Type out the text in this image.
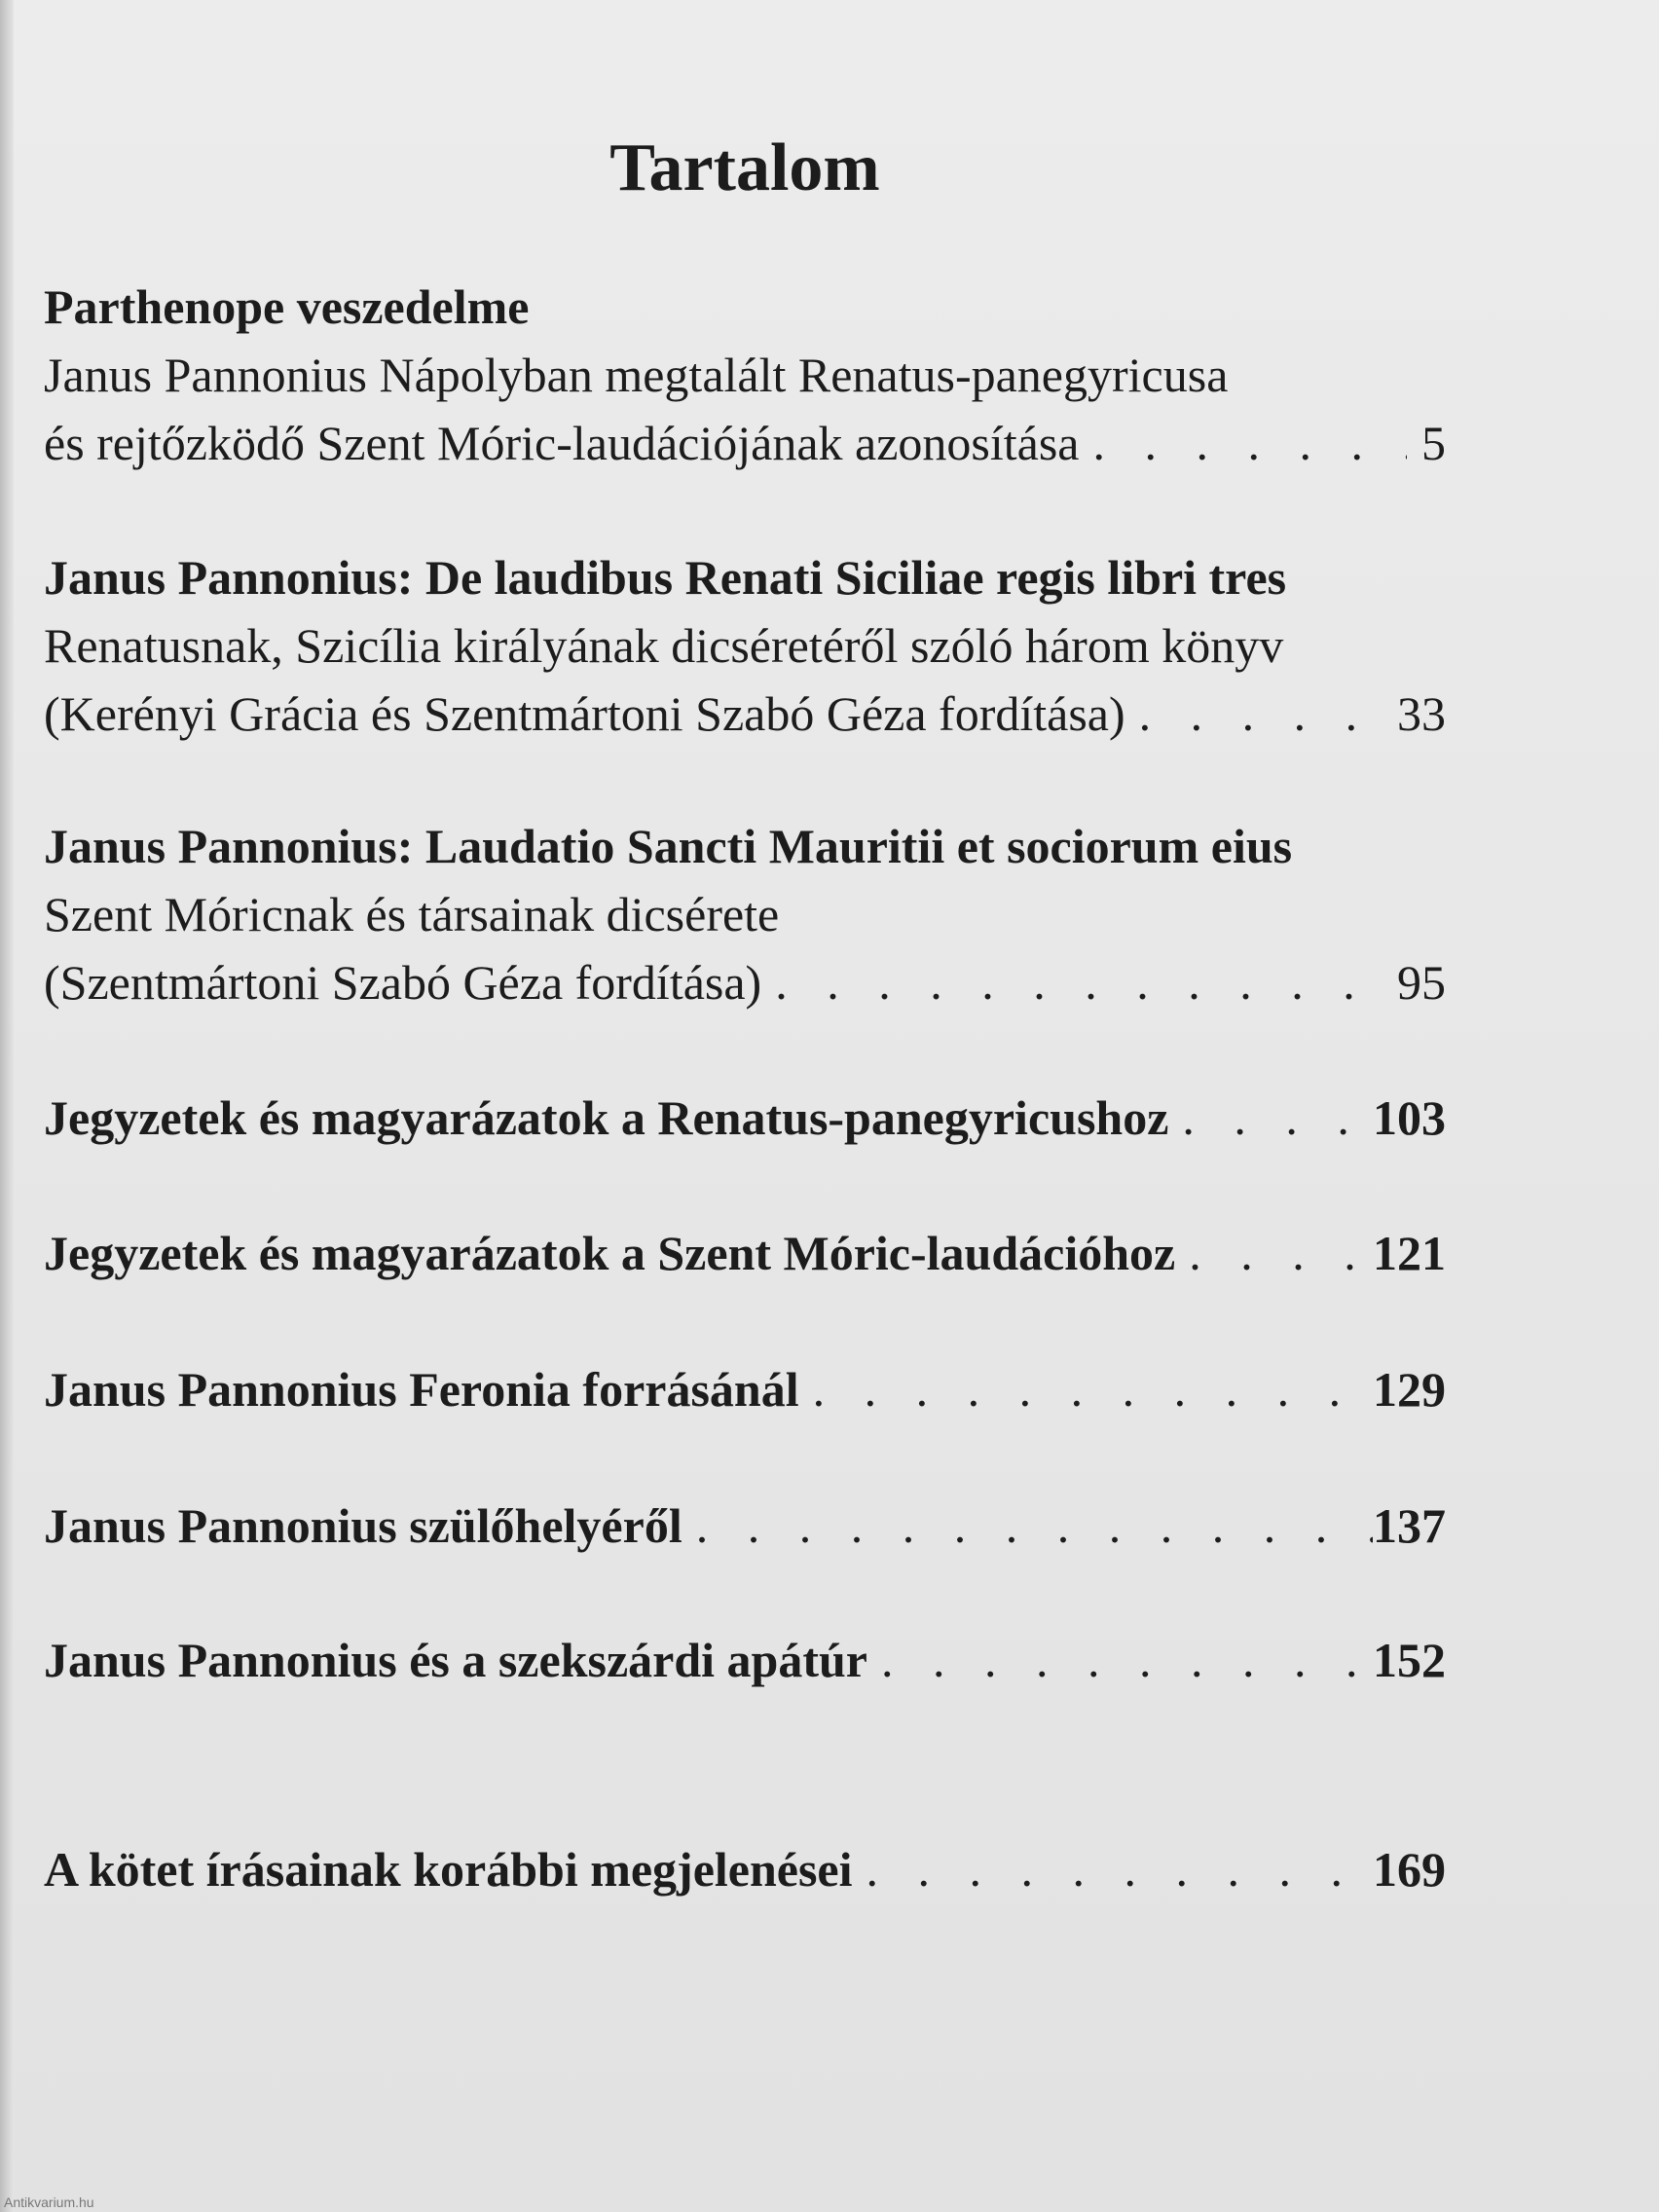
Tartalom
Parthenope veszedelme
Janus Pannonius Nápolyban megtalált Renatus-panegyricusa
és rejtőzködő Szent Móric-laudációjának azonosítása . . .	5
Janus Pannonius: De laudibus Renati Siciliae regis libri tres
Renatusnak, Szicília királyának dicséretéről szóló három könyv
(Kerényi Grácia és Szentmártoni Szabó Géza fordítása) . . .	33
Janus Pannonius: Laudatio Sancti Mauritii et sociorum eius
Szent Móricnak és társainak dicsérete
(Szentmártoni Szabó Géza fordítása) . . .	95
Jegyzetek és magyarázatok a Renatus-panegyricushoz . . .	103
Jegyzetek és magyarázatok a Szent Móric-laudációhoz . . .	121
Janus Pannonius Feronia forrásánál . . .	129
Janus Pannonius szülőhelyéről . . .	137
Janus Pannonius és a szekszárdi apátúr . . .	152
A kötet írásainak korábbi megjelenései . . .	169
Antikvarium.hu
